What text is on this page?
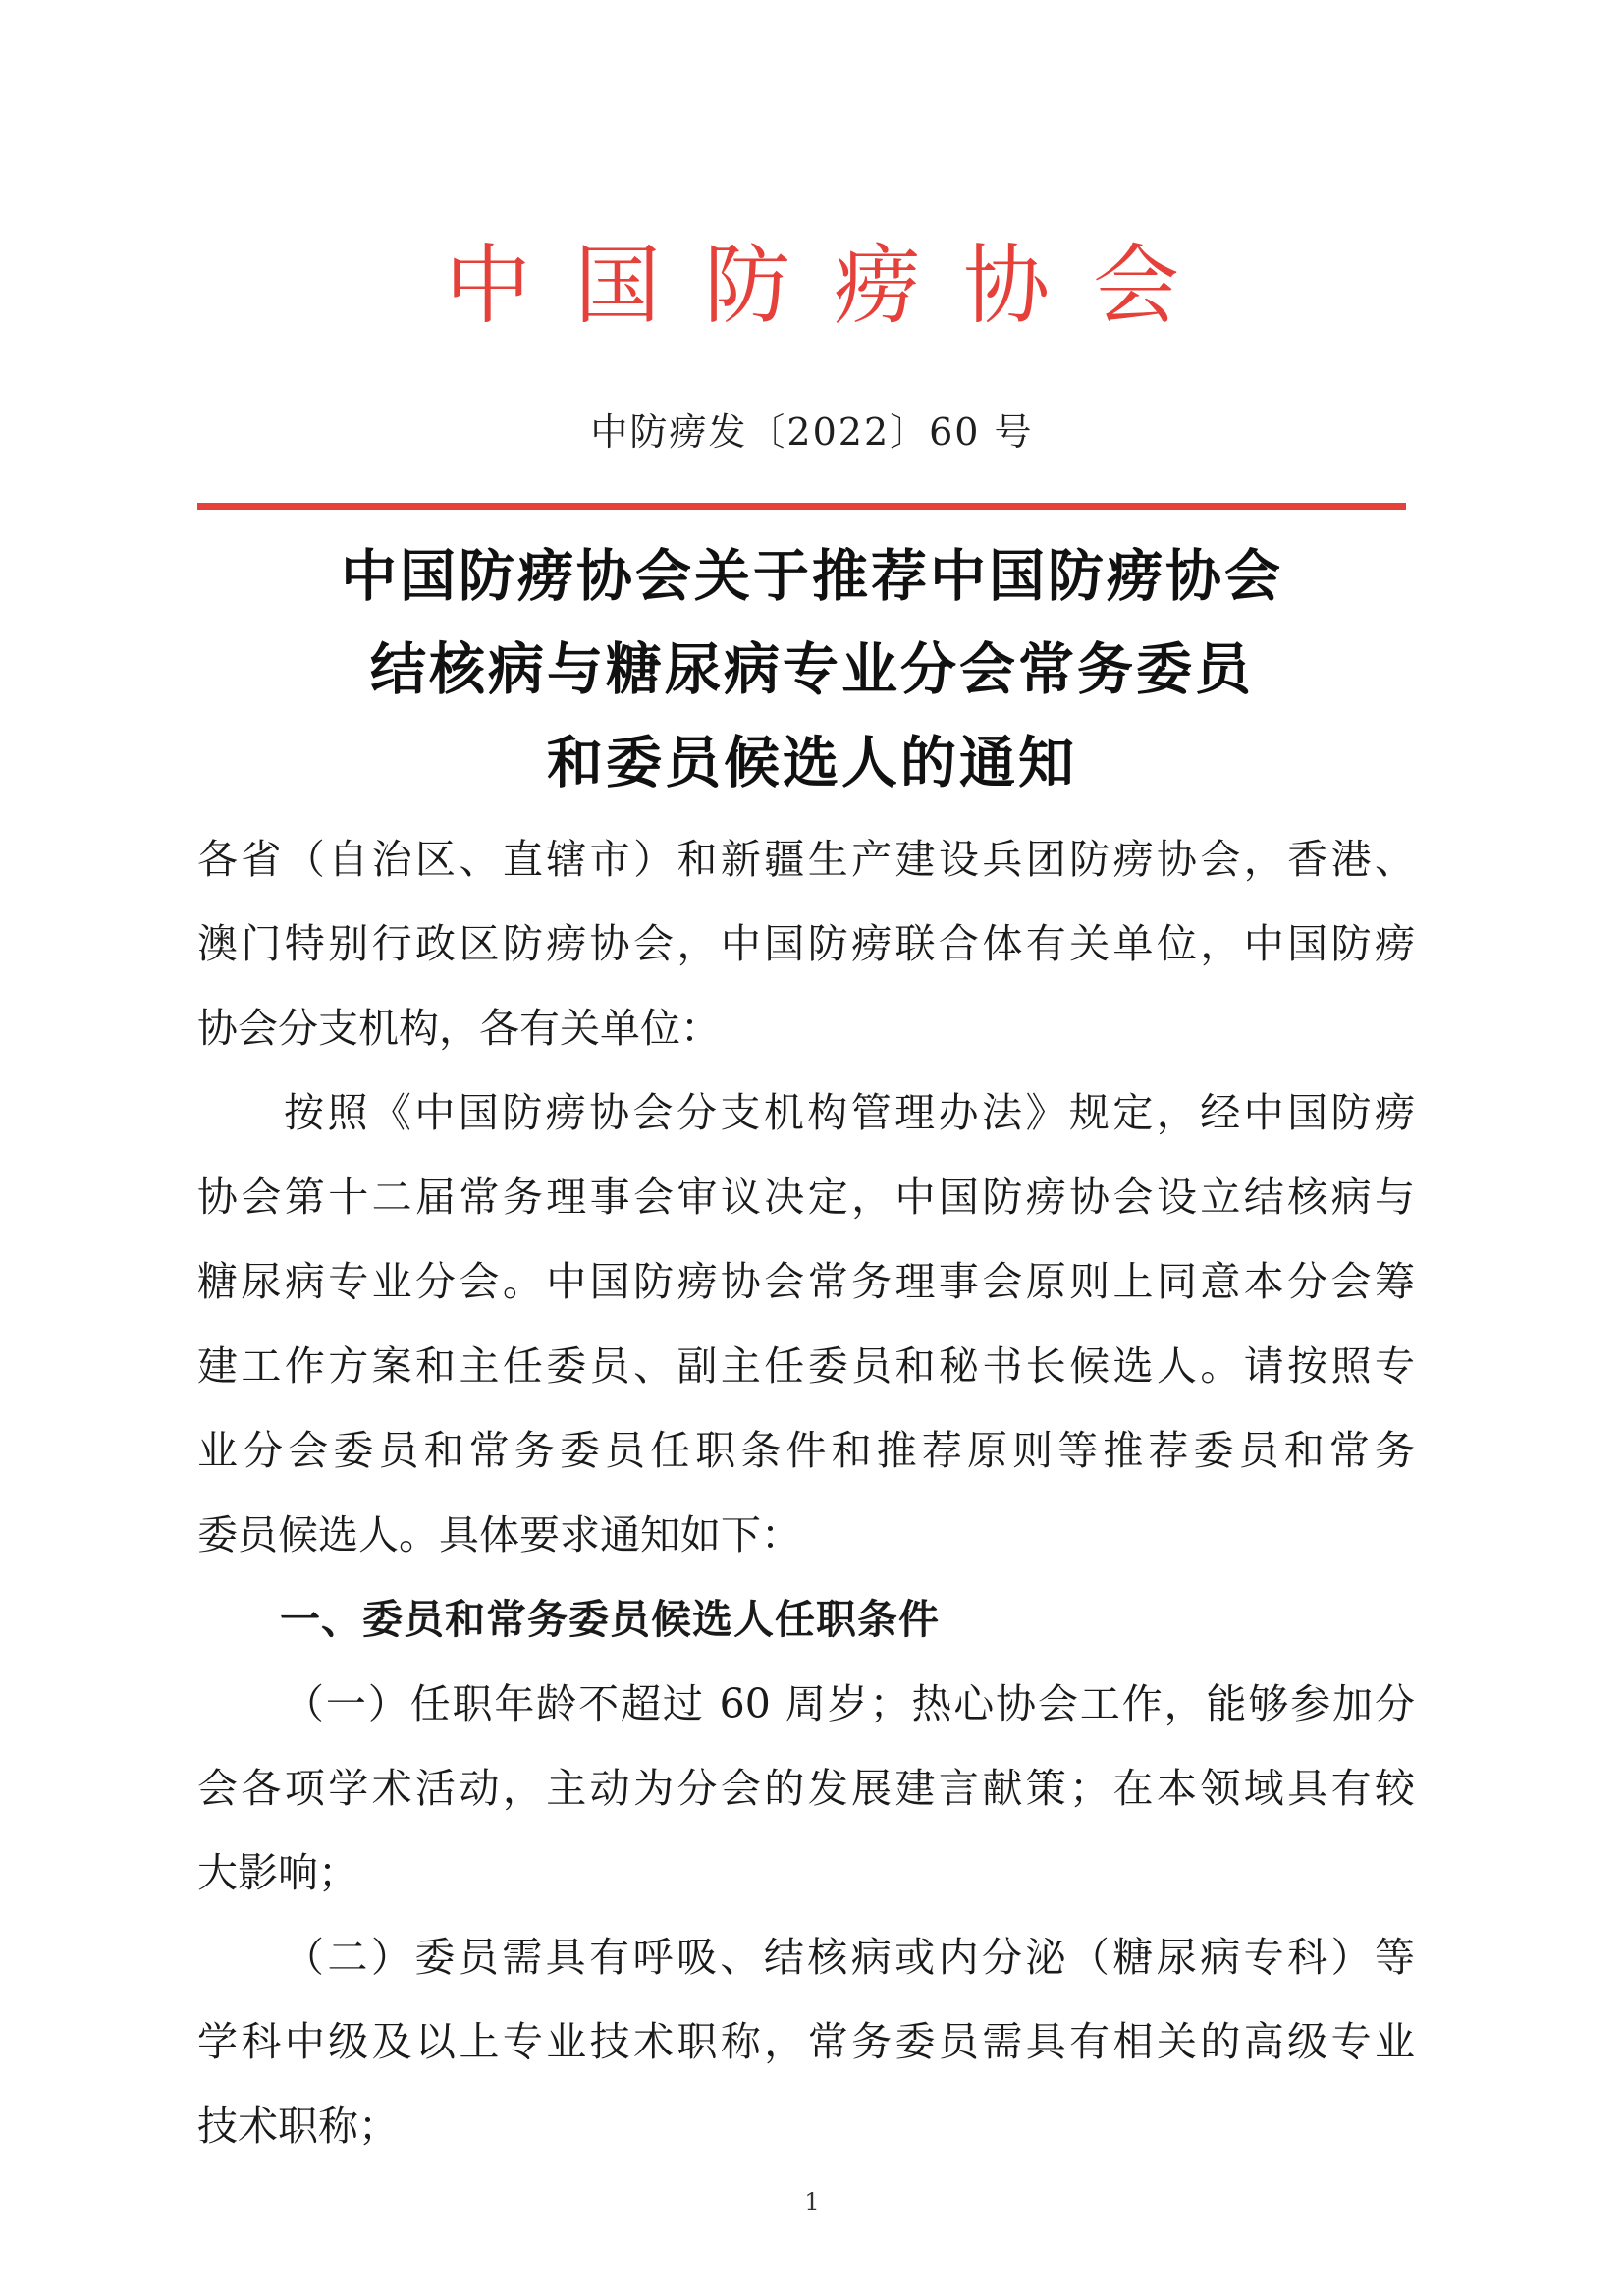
中国防痨协会
中防痨发〔2022〕60 号
中国防痨协会关于推荐中国防痨协会
结核病与糖尿病专业分会常务委员
和委员候选人的通知
各省（自治区、直辖市）和新疆生产建设兵团防痨协会，香港、
澳门特别行政区防痨协会，中国防痨联合体有关单位，中国防痨
协会分支机构，各有关单位：
按照《中国防痨协会分支机构管理办法》规定，经中国防痨
协会第十二届常务理事会审议决定，中国防痨协会设立结核病与
糖尿病专业分会。中国防痨协会常务理事会原则上同意本分会筹
建工作方案和主任委员、副主任委员和秘书长候选人。请按照专
业分会委员和常务委员任职条件和推荐原则等推荐委员和常务
委员候选人。具体要求通知如下：
一、委员和常务委员候选人任职条件
（一）任职年龄不超过 60 周岁；热心协会工作，能够参加分
会各项学术活动，主动为分会的发展建言献策；在本领域具有较
大影响；
（二）委员需具有呼吸、结核病或内分泌（糖尿病专科）等
学科中级及以上专业技术职称，常务委员需具有相关的高级专业
技术职称；
1
